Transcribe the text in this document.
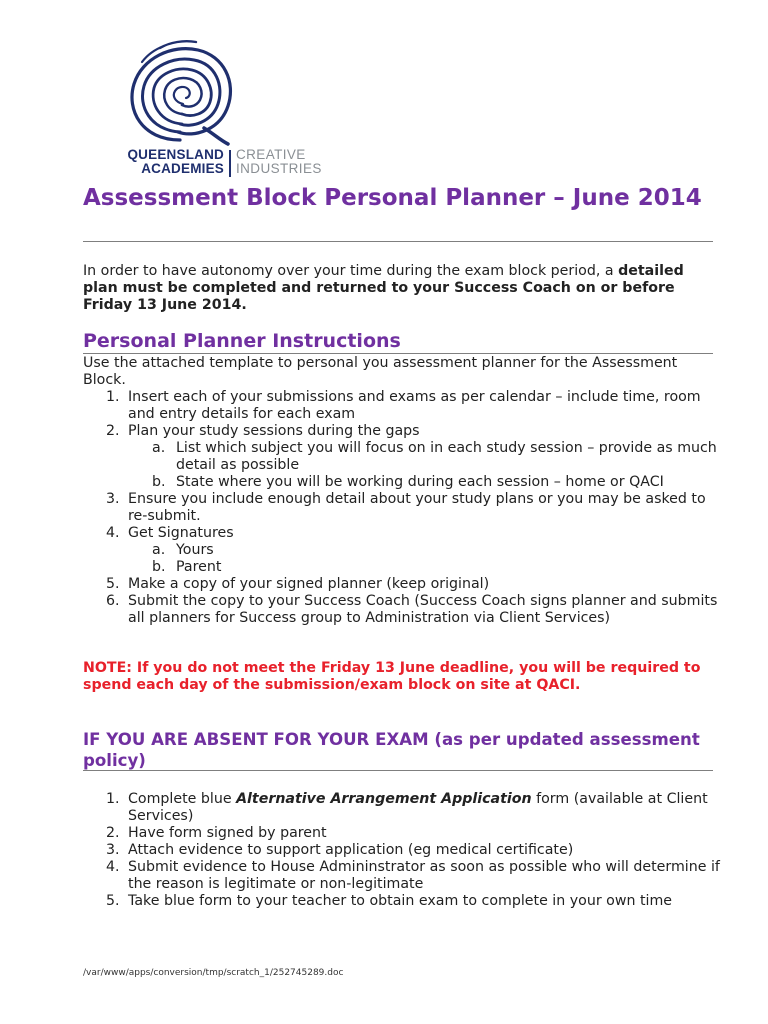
QUEENSLAND
ACADEMIES
CREATIVE
INDUSTRIES
Assessment Block Personal Planner – June 2014

In order to have autonomy over your time during the exam block period, a detailed plan must be completed and returned to your Success Coach on or before Friday 13 June 2014.

Personal Planner Instructions
Use the attached template to personal you assessment planner for the Assessment Block.
1. Insert each of your submissions and exams as per calendar – include time, room and entry details for each exam
2. Plan your study sessions during the gaps
a. List which subject you will focus on in each study session – provide as much detail as possible
b. State where you will be working during each session – home or QACI
3. Ensure you include enough detail about your study plans or you may be asked to re-submit.
4. Get Signatures
a. Yours
b. Parent
5. Make a copy of your signed planner (keep original)
6. Submit the copy to your Success Coach (Success Coach signs planner and submits all planners for Success group to Administration via Client Services)
NOTE: If you do not meet the Friday 13 June deadline, you will be required to spend each day of the submission/exam block on site at QACI.
IF YOU ARE ABSENT FOR YOUR EXAM (as per updated assessment policy)
1. Complete blue Alternative Arrangement Application form (available at Client Services)
2. Have form signed by parent
3. Attach evidence to support application (eg medical certificate)
4. Submit evidence to House Admininstrator as soon as possible who will determine if the reason is legitimate or non-legitimate
5. Take blue form to your teacher to obtain exam to complete in your own time
/var/www/apps/conversion/tmp/scratch_1/252745289.doc
